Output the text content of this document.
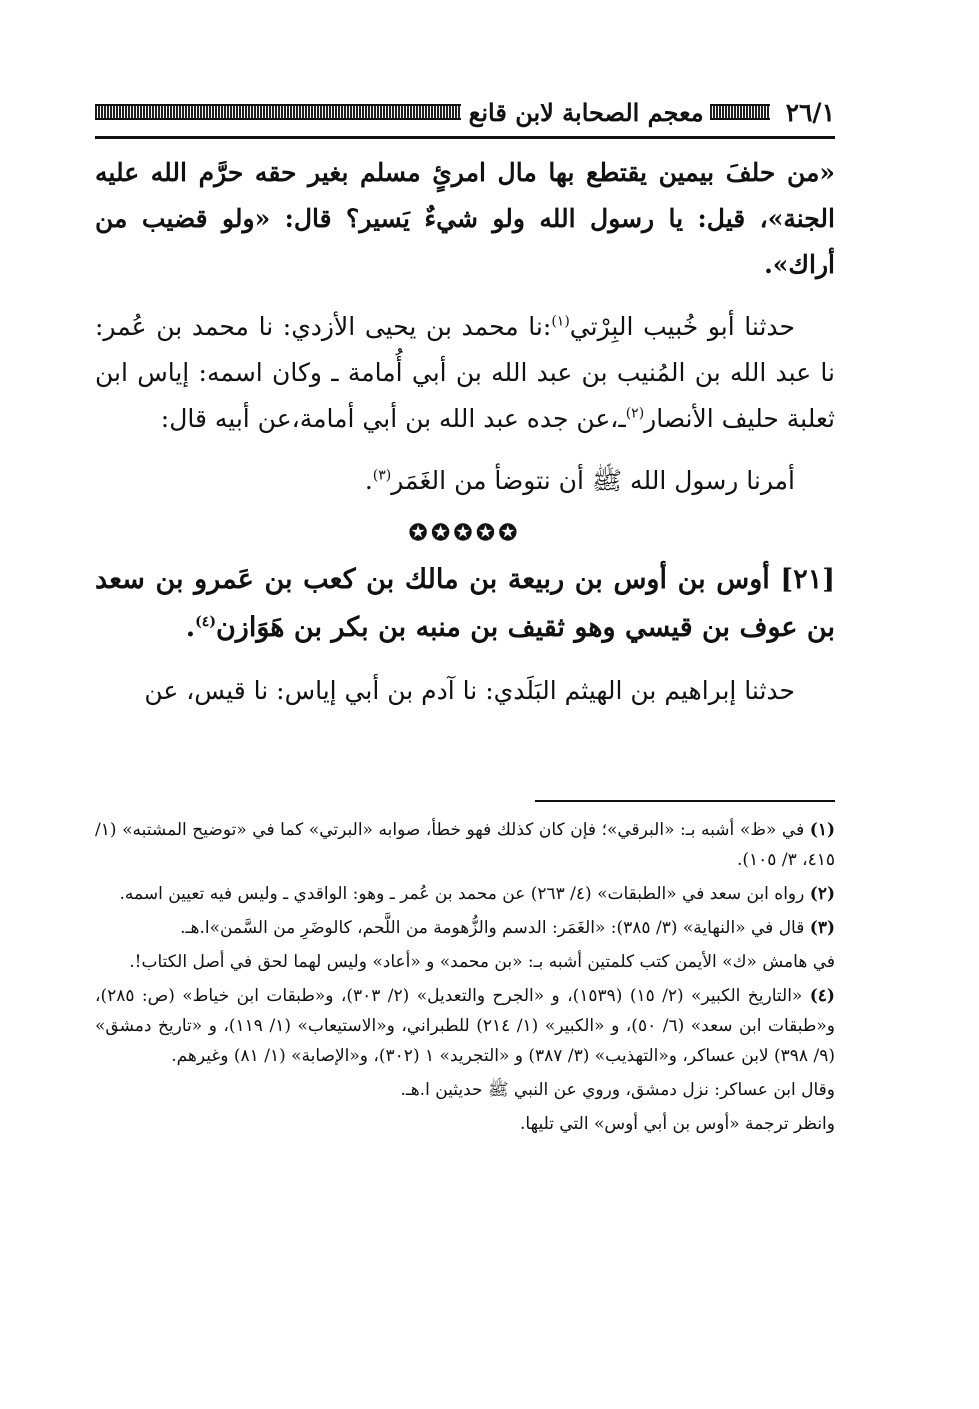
٢٦/١
معجم الصحابة لابن قانع

«من حلفَ بيمين يقتطع بها مال امرئٍ مسلم بغير حقه حرَّم الله عليه الجنة»، قيل: يا رسول الله ولو شيءٌ يَسير؟ قال: «ولو قضيب من أراك».

حدثنا أبو خُبيب البِرْتي$^{(١)}$:نا محمد بن يحيى الأزدي: نا محمد بن عُمر: نا عبد الله بن المُنيب بن عبد الله بن أبي أُمامة ـ وكان اسمه: إياس ابن ثعلبة حليف الأنصار$^{(٢)}$ـ،عن جده عبد الله بن أبي أمامة،عن أبيه قال:

أمرنا رسول الله ﷺ أن نتوضأ من الغَمَر$^{(٣)}$.

✪✪✪✪✪

[٢١] أوس بن أوس بن ربيعة بن مالك بن كعب بن عَمرو بن سعد بن عوف بن قيسي وهو ثقيف بن منبه بن بكر بن هَوَازن$^{(٤)}$.

حدثنا إبراهيم بن الهيثم البَلَدي: نا آدم بن أبي إياس: نا قيس، عن

(١) في «ظ» أشبه بـ: «البرقي»؛ فإن كان كذلك فهو خطأ، صوابه «البرتي» كما في «توضيح المشتبه» (١/ ٤١٥، ٣/ ١٠٥).

(٢) رواه ابن سعد في «الطبقات» (٤/ ٢٦٣) عن محمد بن عُمر ـ وهو: الواقدي ـ وليس فيه تعيين اسمه.

(٣) قال في «النهاية» (٣/ ٣٨٥): «الغَمَر: الدسم والزُّهومة من اللَّحم، كالوضَرِ من السَّمن»ا.هـ.

في هامش «ك» الأيمن كتب كلمتين أشبه بـ: «بن محمد» و «أعاد» وليس لهما لحق في أصل الكتاب!.

(٤) «التاريخ الكبير» (٢/ ١٥) (١٥٣٩)، و «الجرح والتعديل» (٢/ ٣٠٣)، و«طبقات ابن خياط» (ص: ٢٨٥)، و«طبقات ابن سعد» (٦/ ٥٠)، و «الكبير» (١/ ٢١٤) للطبراني، و«الاستيعاب» (١/ ١١٩)، و «تاريخ دمشق» (٩/ ٣٩٨) لابن عساكر، و«التهذيب» (٣/ ٣٨٧) و «التجريد» ١ (٣٠٢)، و«الإصابة» (١/ ٨١) وغيرهم.

وقال ابن عساكر: نزل دمشق، وروي عن النبي ﷺ حديثين ا.هـ.

وانظر ترجمة «أوس بن أبي أوس» التي تليها.
